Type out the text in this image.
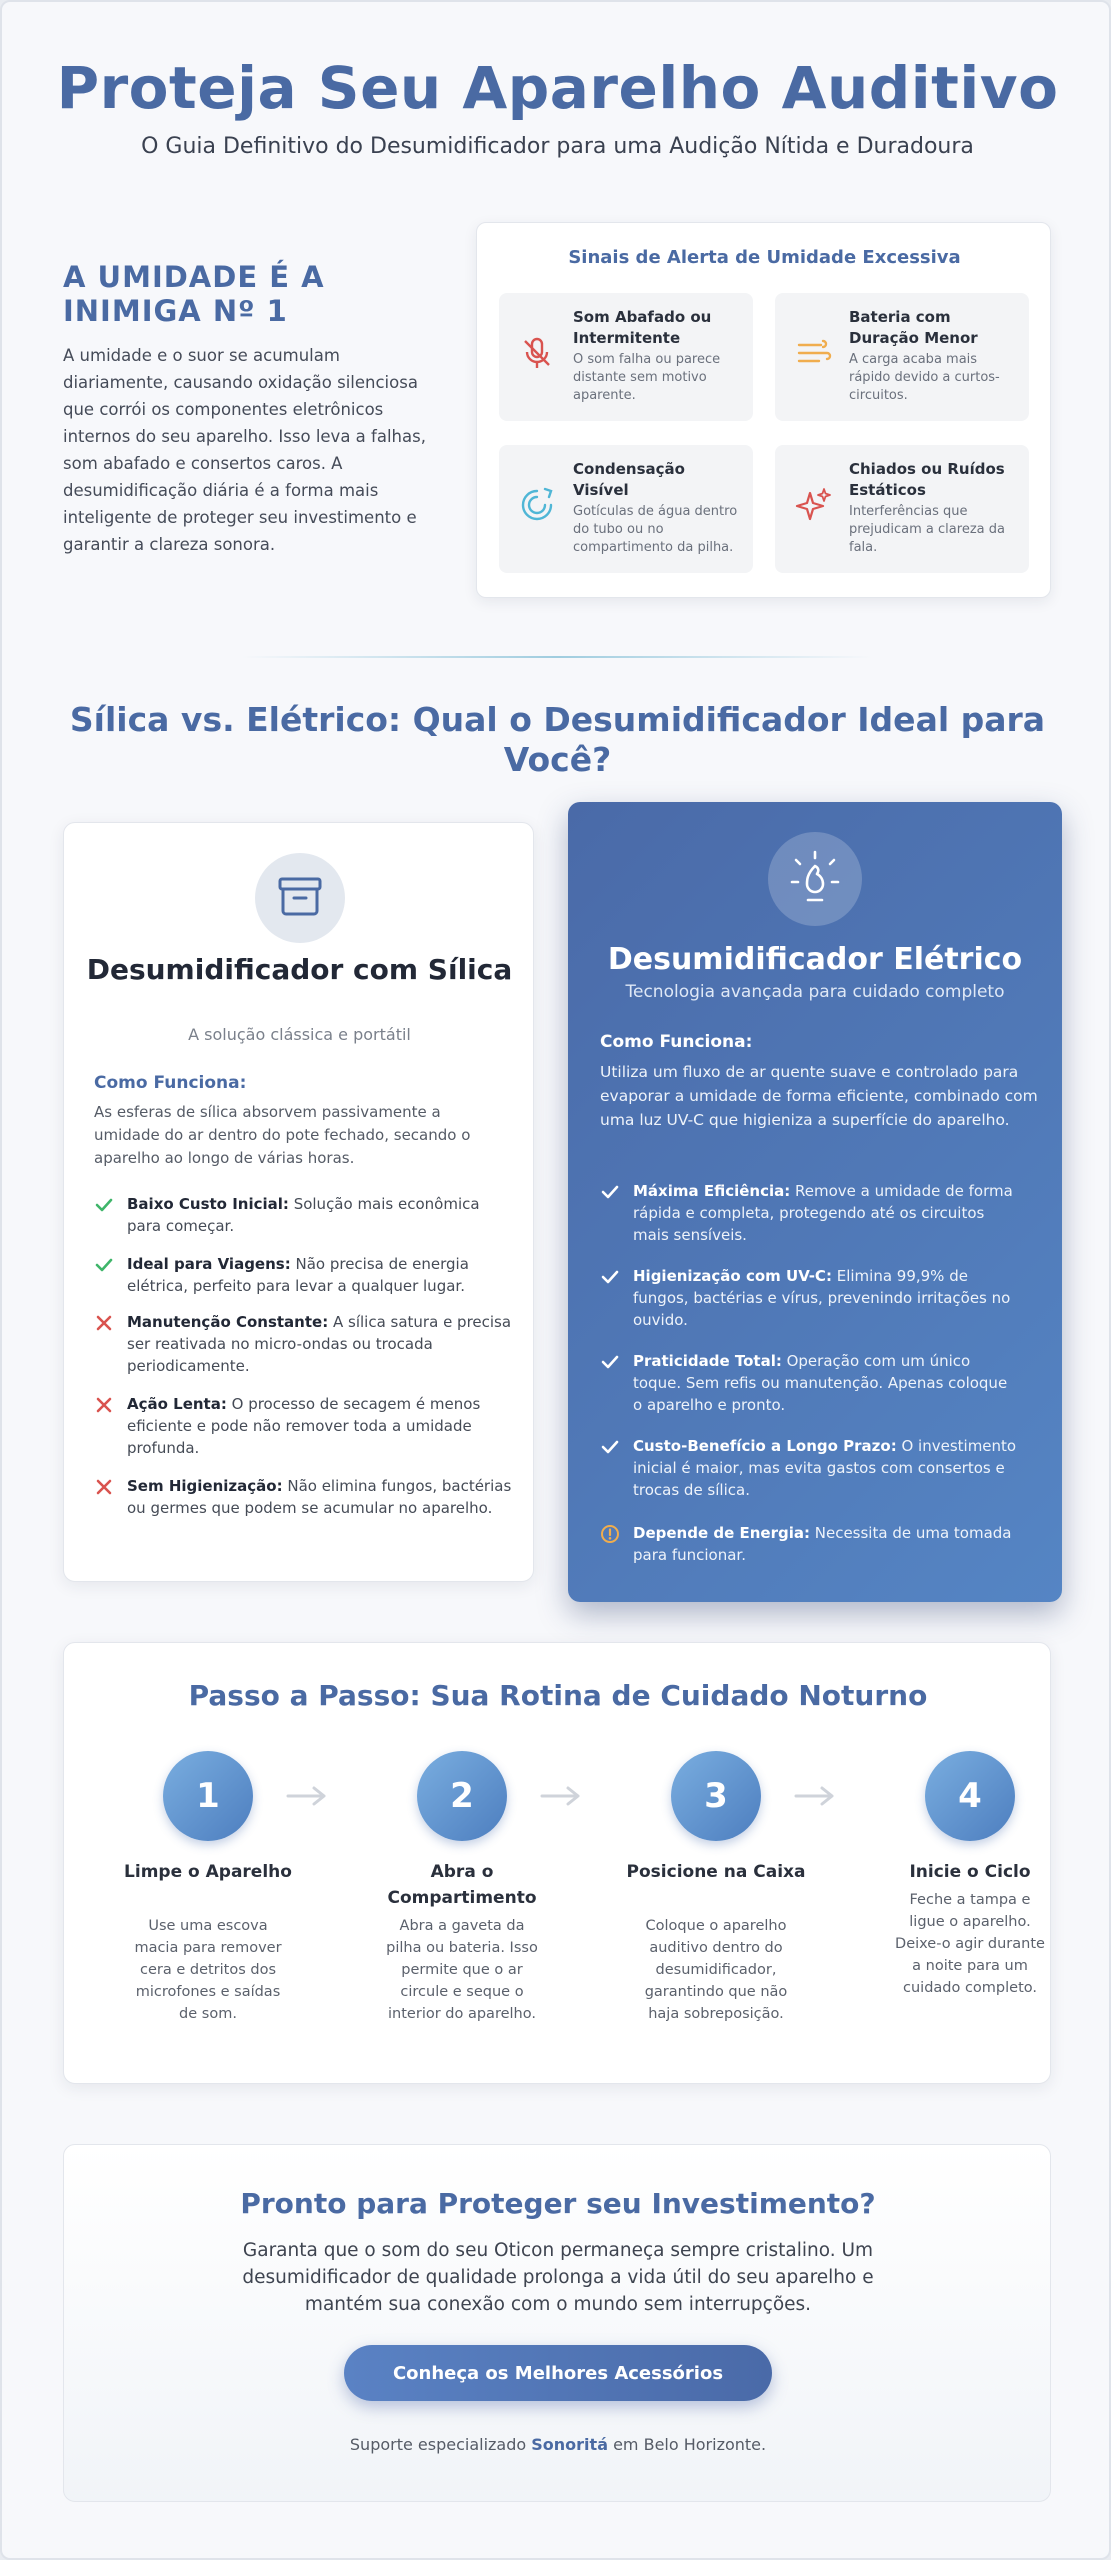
Proteja Seu Aparelho Auditivo

O Guia Definitivo do Desumidificador para uma Audição Nítida e Duradoura

A UMIDADE É A INIMIGA Nº 1

A umidade e o suor se acumulam diariamente, causando oxidação silenciosa que corrói os componentes eletrônicos internos do seu aparelho. Isso leva a falhas, som abafado e consertos caros. A desumidificação diária é a forma mais inteligente de proteger seu investimento e garantir a clareza sonora.

Sinais de Alerta de Umidade Excessiva
Som Abafado ou Intermitente
O som falha ou parece distante sem motivo aparente.
Bateria com Duração Menor
A carga acaba mais rápido devido a curtos-circuitos.
Condensação Visível
Gotículas de água dentro do tubo ou no compartimento da pilha.
Chiados ou Ruídos Estáticos
Interferências que prejudicam a clareza da fala.
Sílica vs. Elétrico: Qual o Desumidificador Ideal para Você?
Desumidificador com Sílica
A solução clássica e portátil
Como Funciona:
As esferas de sílica absorvem passivamente a umidade do ar dentro do pote fechado, secando o aparelho ao longo de várias horas.
Baixo Custo Inicial: Solução mais econômica para começar.
Ideal para Viagens: Não precisa de energia elétrica, perfeito para levar a qualquer lugar.
Manutenção Constante: A sílica satura e precisa ser reativada no micro-ondas ou trocada periodicamente.
Ação Lenta: O processo de secagem é menos eficiente e pode não remover toda a umidade profunda.
Sem Higienização: Não elimina fungos, bactérias ou germes que podem se acumular no aparelho.
Desumidificador Elétrico
Tecnologia avançada para cuidado completo
Como Funciona:
Utiliza um fluxo de ar quente suave e controlado para evaporar a umidade de forma eficiente, combinado com uma luz UV-C que higieniza a superfície do aparelho.
Máxima Eficiência: Remove a umidade de forma rápida e completa, protegendo até os circuitos mais sensíveis.
Higienização com UV-C: Elimina 99,9% de fungos, bactérias e vírus, prevenindo irritações no ouvido.
Praticidade Total: Operação com um único toque. Sem refis ou manutenção. Apenas coloque o aparelho e pronto.
Custo-Benefício a Longo Prazo: O investimento inicial é maior, mas evita gastos com consertos e trocas de sílica.
Depende de Energia: Necessita de uma tomada para funcionar.
Passo a Passo: Sua Rotina de Cuidado Noturno
1
Limpe o Aparelho
Use uma escova macia para remover cera e detritos dos microfones e saídas de som.
2
Abra o Compartimento
Abra a gaveta da pilha ou bateria. Isso permite que o ar circule e seque o interior do aparelho.
3
Posicione na Caixa
Coloque o aparelho auditivo dentro do desumidificador, garantindo que não haja sobreposição.
4
Inicie o Ciclo
Feche a tampa e ligue o aparelho. Deixe-o agir durante a noite para um cuidado completo.
Pronto para Proteger seu Investimento?

Garanta que o som do seu Oticon permaneça sempre cristalino. Um desumidificador de qualidade prolonga a vida útil do seu aparelho e mantém sua conexão com o mundo sem interrupções.

Conheça os Melhores Acessórios
Suporte especializado Sonoritá em Belo Horizonte.
